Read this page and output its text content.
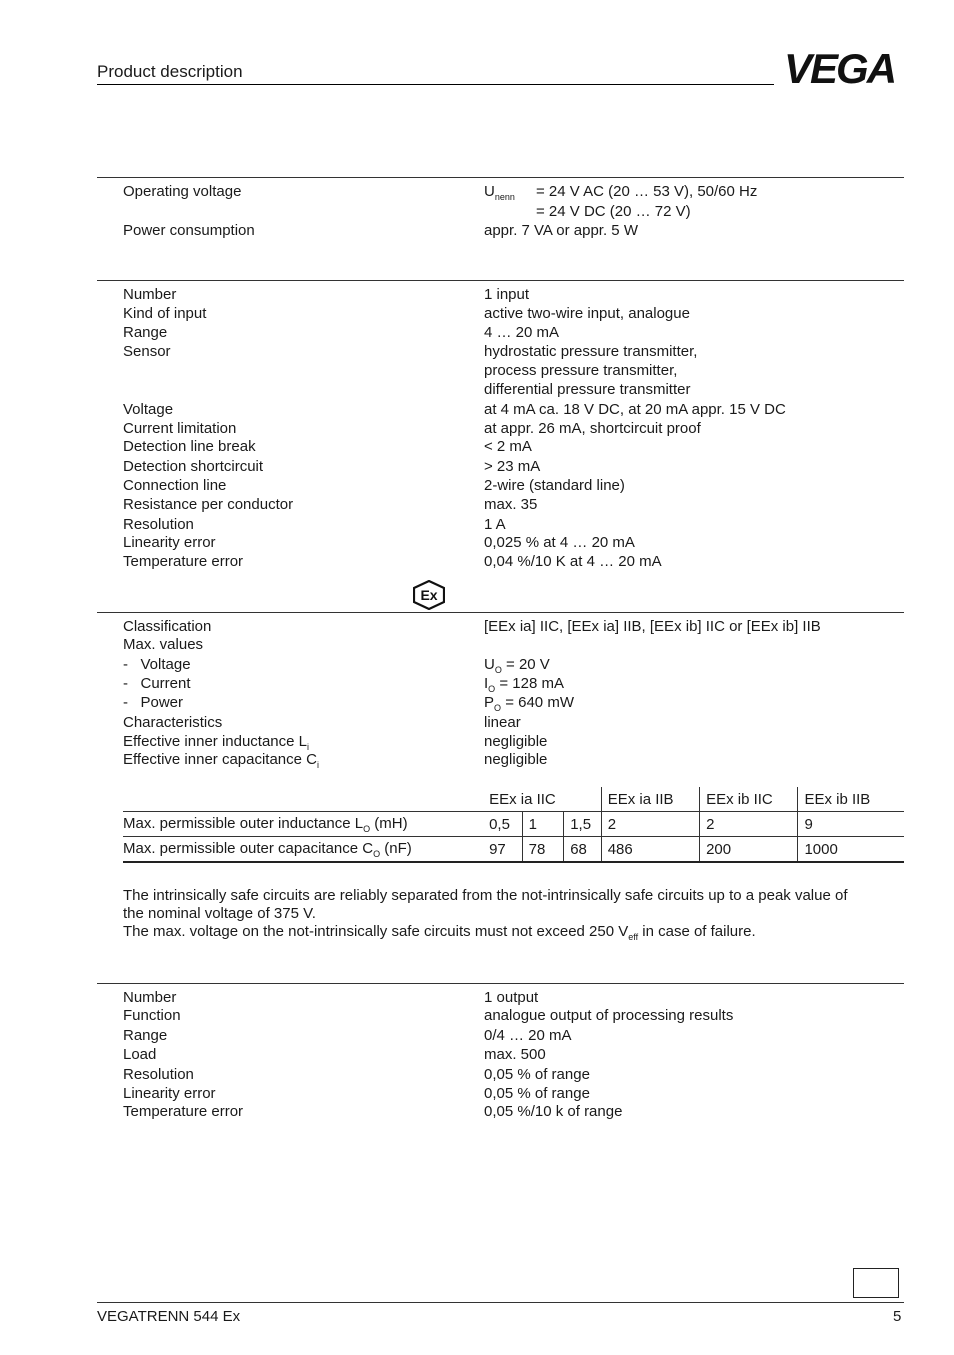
Product description	VEGA
Operating voltage	$U_{nenn} = 24$ V AC (20 … 53 V), 50/60 Hz
= 24 V DC (20 … 72 V)
Power consumption	appr. 7 VA or appr. 5 W
Number	1 input
Kind of input	active two-wire input, analogue
Range	4 … 20 mA
Sensor	hydrostatic pressure transmitter,
process pressure transmitter,
differential pressure transmitter
Voltage	at 4 mA ca. 18 V DC, at 20 mA appr. 15 V DC
Current limitation	at appr. 26 mA, shortcircuit proof
Detection line break	< 2 mA
Detection shortcircuit	> 23 mA
Connection line	2-wire (standard line)
Resistance per conductor	max. 35
Resolution	1 A
Linearity error	0,025 % at 4 … 20 mA
Temperature error	0,04 %/10 K at 4 … 20 mA
Ex
Classification	[EEx ia] IIC, [EEx ia] IIB, [EEx ib] IIC or [EEx ib] IIB
Max. values
-   Voltage	$U_O = 20$ V
-   Current	$I_O = 128$ mA
-   Power	$P_O = 640$ mW
Characteristics	linear
Effective inner inductance $L_i$	negligible
Effective inner capacitance $C_i$	negligible
	EEx ia IIC			EEx ia IIB	EEx ib IIC	EEx ib IIB
Max. permissible outer inductance $L_O$ (mH)	0,5	1	1,5	2	2	9
Max. permissible outer capacitance $C_O$ (nF)	97	78	68	486	200	1000
The intrinsically safe circuits are reliably separated from the not-intrinsically safe circuits up to a peak value of
the nominal voltage of 375 V.
The max. voltage on the not-intrinsically safe circuits must not exceed 250 $V_{eff}$ in case of failure.
Number	1 output
Function	analogue output of processing results
Range	0/4 … 20 mA
Load	max. 500
Resolution	0,05 % of range
Linearity error	0,05 % of range
Temperature error	0,05 %/10 k of range
VEGATRENN 544 Ex	5
